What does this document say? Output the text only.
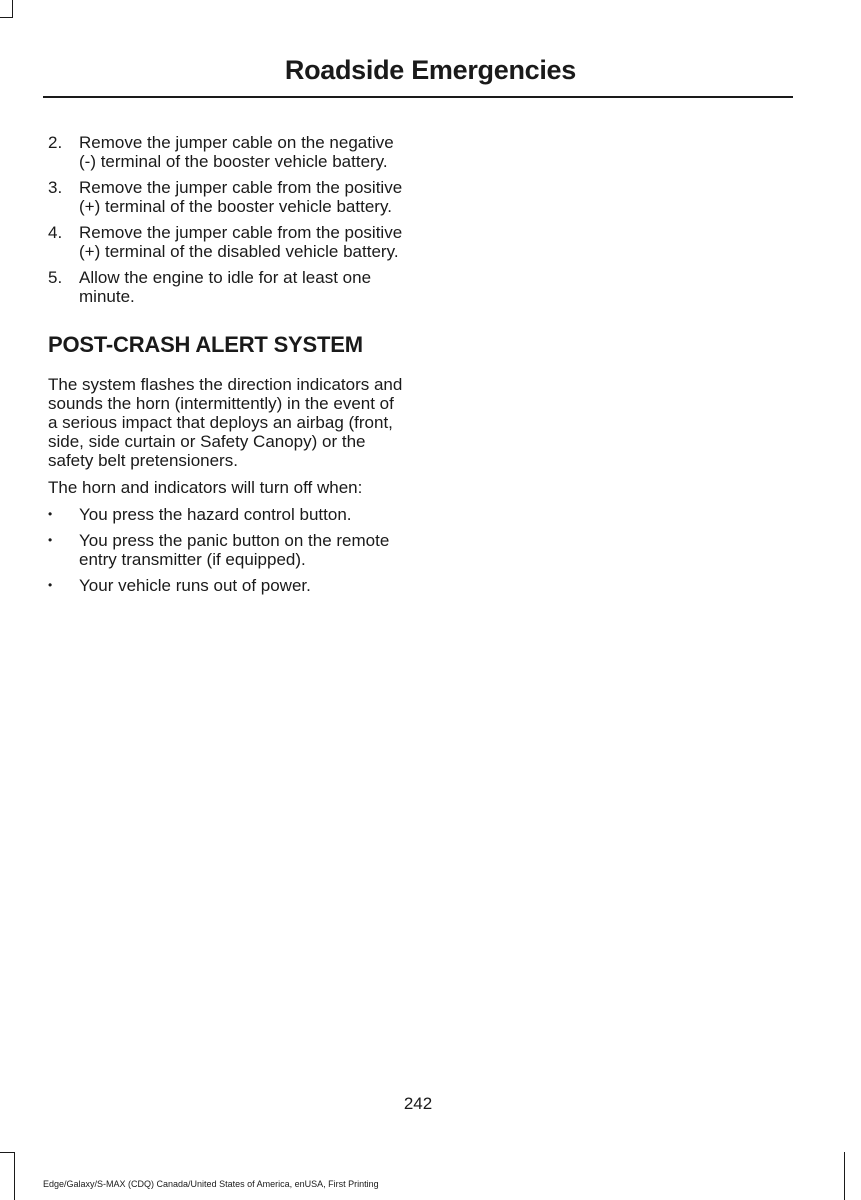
Roadside Emergencies
2. Remove the jumper cable on the negative (-) terminal of the booster vehicle battery.
3. Remove the jumper cable from the positive (+) terminal of the booster vehicle battery.
4. Remove the jumper cable from the positive (+) terminal of the disabled vehicle battery.
5. Allow the engine to idle for at least one minute.
POST-CRASH ALERT SYSTEM

The system flashes the direction indicators and sounds the horn (intermittently) in the event of a serious impact that deploys an airbag (front, side, side curtain or Safety Canopy) or the safety belt pretensioners.

The horn and indicators will turn off when:

• You press the hazard control button.
• You press the panic button on the remote entry transmitter (if equipped).
• Your vehicle runs out of power.
242
Edge/Galaxy/S-MAX (CDQ) Canada/United States of America, enUSA, First Printing
